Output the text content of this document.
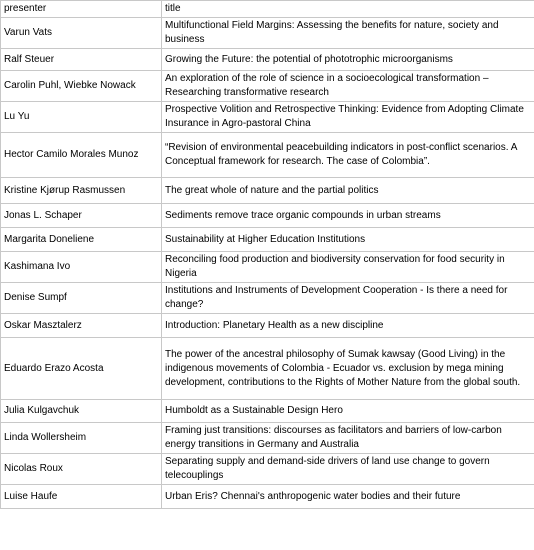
presenter	title
Varun Vats	Multifunctional Field Margins: Assessing the benefits for nature, society and business
Ralf Steuer	Growing the Future: the potential of phototrophic microorganisms
Carolin Puhl, Wiebke Nowack	An exploration of the role of science in a socioecological transformation – Researching transformative research
Lu Yu	Prospective Volition and Retrospective Thinking: Evidence from Adopting Climate Insurance in Agro-pastoral China
Hector Camilo Morales Munoz	“Revision of environmental peacebuilding indicators in post-conflict scenarios. A Conceptual framework for research. The case of Colombia”.
Kristine Kjørup Rasmussen	The great whole of nature and the partial politics
Jonas L. Schaper	Sediments remove trace organic compounds in urban streams
Margarita Doneliene	Sustainability at Higher Education Institutions
Kashimana Ivo	Reconciling food production and biodiversity conservation for food security in Nigeria
Denise Sumpf	Institutions and Instruments of Development Cooperation - Is there a need for change?
Oskar Masztalerz	Introduction: Planetary Health as a new discipline
Eduardo Erazo Acosta	The power of the ancestral philosophy of Sumak kawsay (Good Living) in the indigenous movements of Colombia - Ecuador vs. exclusion by mega mining development, contributions to the Rights of Mother Nature from the global south.
Julia Kulgavchuk	Humboldt as a Sustainable Design Hero
Linda Wollersheim	Framing just transitions: discourses as facilitators and barriers of low-carbon energy transitions in Germany and Australia
Nicolas Roux	Separating supply and demand-side drivers of land use change to govern telecouplings
Luise Haufe	Urban Eris? Chennai's anthropogenic water bodies and their future
